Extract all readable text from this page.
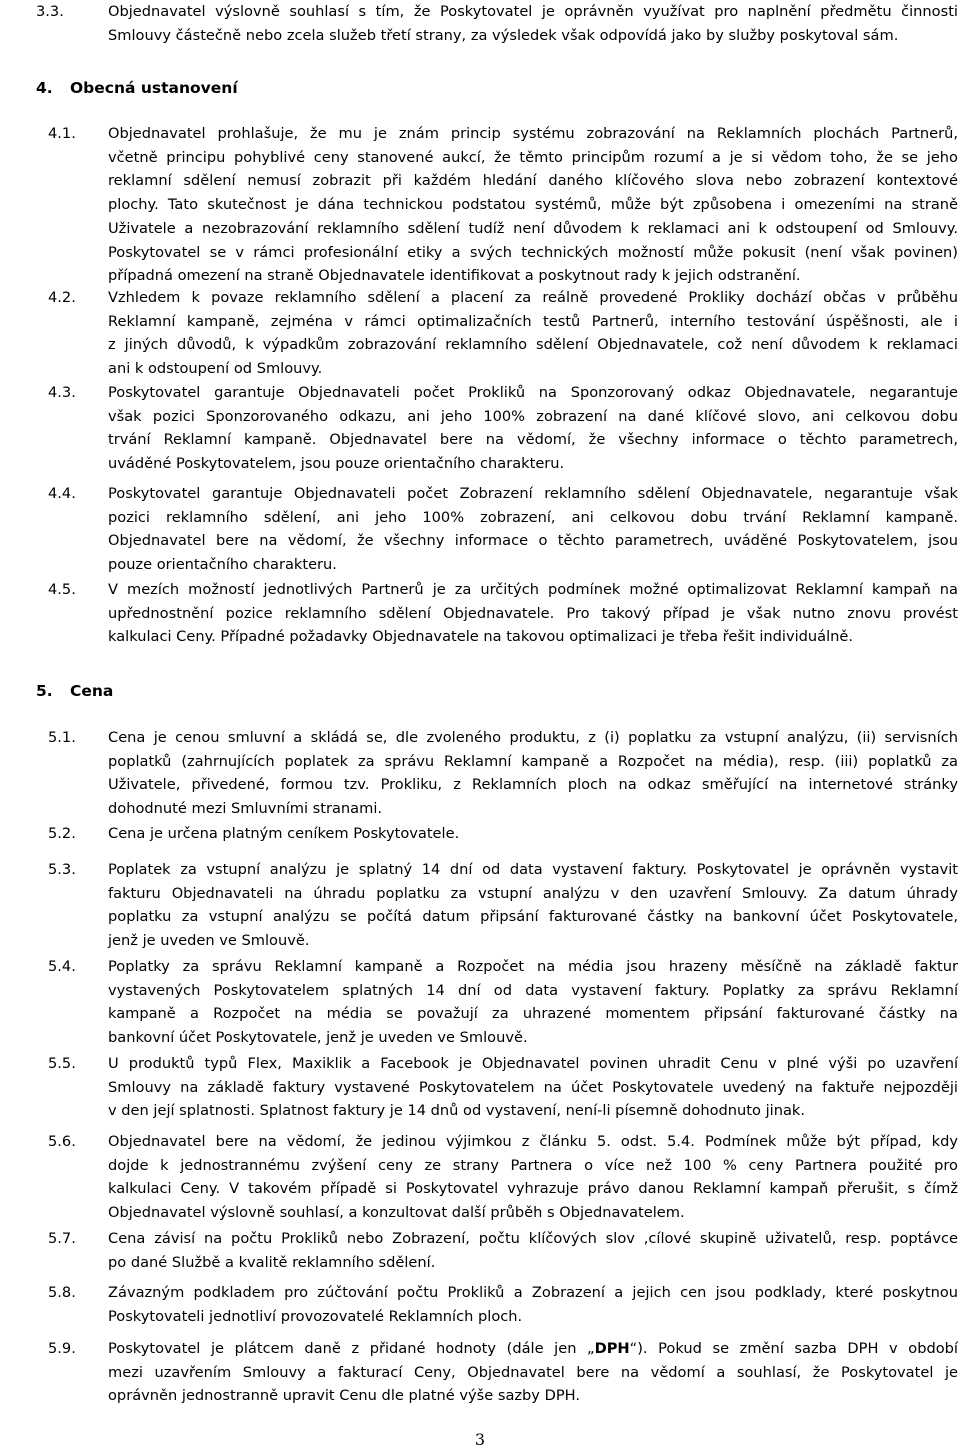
3.3.	Objednavatel výslovně souhlasí s tím, že Poskytovatel je oprávněn využívat pro naplnění předmětu činnosti
Smlouvy částečně nebo zcela služeb třetí strany, za výsledek však odpovídá jako by služby poskytoval sám.
4. Obecná ustanovení
4.1. Objednavatel prohlašuje, že mu je znám princip systému zobrazování na Reklamních plochách Partnerů,
včetně principu pohyblivé ceny stanovené aukcí, že těmto principům rozumí a je si vědom toho, že se jeho
reklamní sdělení nemusí zobrazit při každém hledání daného klíčového slova nebo zobrazení kontextové
plochy. Tato skutečnost je dána technickou podstatou systémů, může být způsobena i omezeními na straně
Uživatele a nezobrazování reklamního sdělení tudíž není důvodem k reklamaci ani k odstoupení od Smlouvy.
Poskytovatel se v rámci profesionální etiky a svých technických možností může pokusit (není však povinen)
případná omezení na straně Objednavatele identifikovat a poskytnout rady k jejich odstranění.
4.2. Vzhledem k povaze reklamního sdělení a placení za reálně provedené Prokliky dochází občas v průběhu
Reklamní kampaně, zejména v rámci optimalizačních testů Partnerů, interního testování úspěšnosti, ale i
z jiných důvodů, k výpadkům zobrazování reklamního sdělení Objednavatele, což není důvodem k reklamaci
ani k odstoupení od Smlouvy.
4.3. Poskytovatel garantuje Objednavateli počet Prokliků na Sponzorovaný odkaz Objednavatele, negarantuje
však pozici Sponzorovaného odkazu, ani jeho 100% zobrazení na dané klíčové slovo, ani celkovou dobu
trvání Reklamní kampaně. Objednavatel bere na vědomí, že všechny informace o těchto parametrech,
uváděné Poskytovatelem, jsou pouze orientačního charakteru.
4.4. Poskytovatel garantuje Objednavateli počet Zobrazení reklamního sdělení Objednavatele, negarantuje však
pozici reklamního sdělení, ani jeho 100% zobrazení, ani celkovou dobu trvání Reklamní kampaně.
Objednavatel bere na vědomí, že všechny informace o těchto parametrech, uváděné Poskytovatelem, jsou
pouze orientačního charakteru.
4.5. V mezích možností jednotlivých Partnerů je za určitých podmínek možné optimalizovat Reklamní kampaň na
upřednostnění pozice reklamního sdělení Objednavatele. Pro takový případ je však nutno znovu provést
kalkulaci Ceny. Případné požadavky Objednavatele na takovou optimalizaci je třeba řešit individuálně.
5. Cena
5.1. Cena je cenou smluvní a skládá se, dle zvoleného produktu, z (i) poplatku za vstupní analýzu, (ii) servisních
poplatků (zahrnujících poplatek za správu Reklamní kampaně a Rozpočet na média), resp. (iii) poplatků za
Uživatele, přivedené, formou tzv. Prokliku, z Reklamních ploch na odkaz směřující na internetové stránky
dohodnuté mezi Smluvními stranami.
5.2. Cena je určena platným ceníkem Poskytovatele.
5.3. Poplatek za vstupní analýzu je splatný 14 dní od data vystavení faktury. Poskytovatel je oprávněn vystavit
fakturu Objednavateli na úhradu poplatku za vstupní analýzu v den uzavření Smlouvy. Za datum úhrady
poplatku za vstupní analýzu se počítá datum připsání fakturované částky na bankovní účet Poskytovatele,
jenž je uveden ve Smlouvě.
5.4. Poplatky za správu Reklamní kampaně a Rozpočet na média jsou hrazeny měsíčně na základě faktur
vystavených Poskytovatelem splatných 14 dní od data vystavení faktury. Poplatky za správu Reklamní
kampaně a Rozpočet na média se považují za uhrazené momentem připsání fakturované částky na
bankovní účet Poskytovatele, jenž je uveden ve Smlouvě.
5.5. U produktů typů Flex, Maxiklik a Facebook je Objednavatel povinen uhradit Cenu v plné výši po uzavření
Smlouvy na základě faktury vystavené Poskytovatelem na účet Poskytovatele uvedený na faktuře nejpozději
v den její splatnosti. Splatnost faktury je 14 dnů od vystavení, není-li písemně dohodnuto jinak.
5.6. Objednavatel bere na vědomí, že jedinou výjimkou z článku 5. odst. 5.4. Podmínek může být případ, kdy
dojde k jednostrannému zvýšení ceny ze strany Partnera o více než 100 % ceny Partnera použité pro
kalkulaci Ceny. V takovém případě si Poskytovatel vyhrazuje právo danou Reklamní kampaň přerušit, s čímž
Objednavatel výslovně souhlasí, a konzultovat další průběh s Objednavatelem.
5.7. Cena závisí na počtu Prokliků nebo Zobrazení, počtu klíčových slov ,cílové skupině uživatelů, resp. poptávce
po dané Službě a kvalitě reklamního sdělení.
5.8. Závazným podkladem pro zúčtování počtu Prokliků a Zobrazení a jejich cen jsou podklady, které poskytnou
Poskytovateli jednotliví provozovatelé Reklamních ploch.
5.9. Poskytovatel je plátcem daně z přidané hodnoty (dále jen „DPH“). Pokud se změní sazba DPH v období
mezi uzavřením Smlouvy a fakturací Ceny, Objednavatel bere na vědomí a souhlasí, že Poskytovatel je
oprávněn jednostranně upravit Cenu dle platné výše sazby DPH.
3
